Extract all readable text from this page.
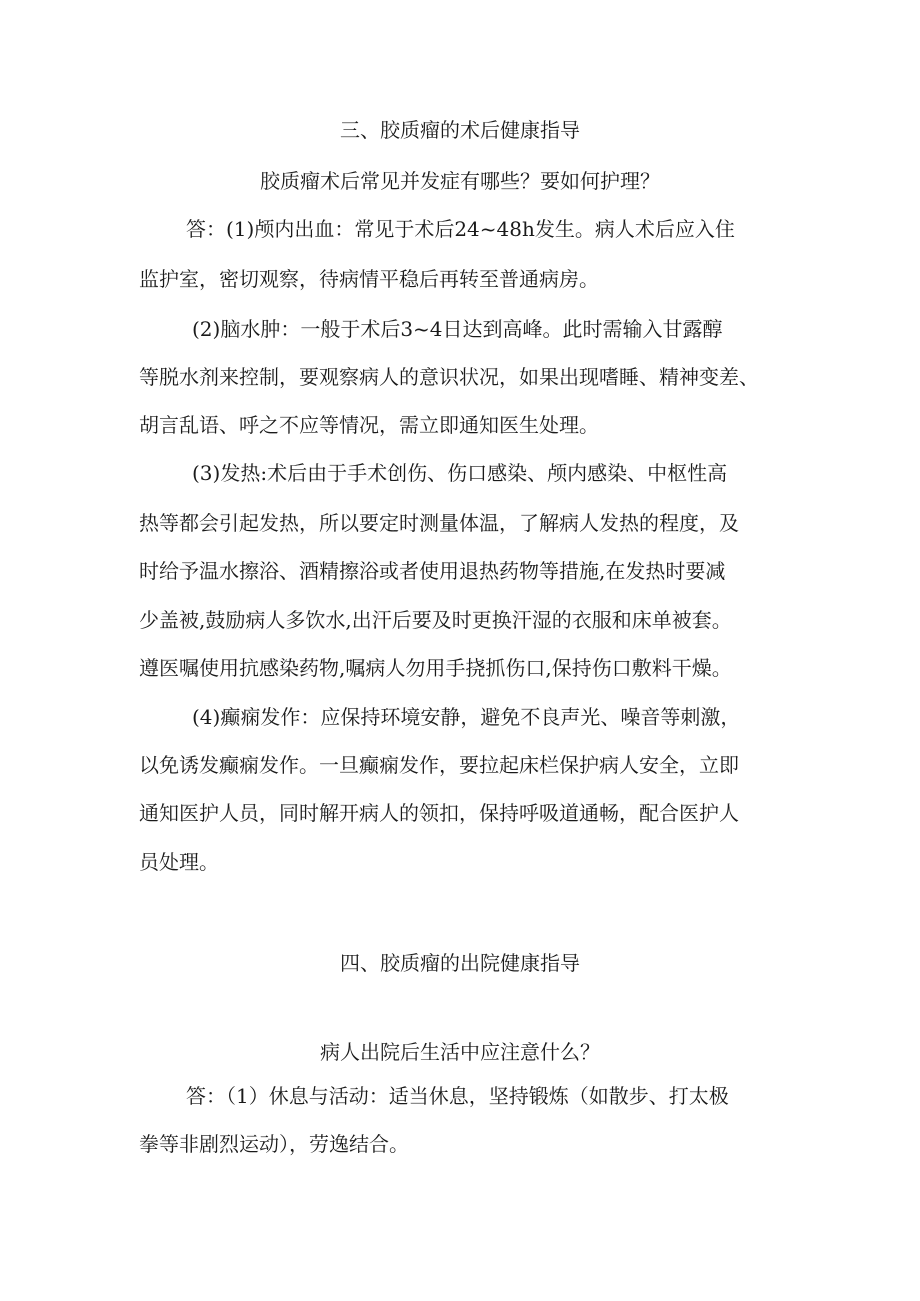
三、胶质瘤的术后健康指导
胶质瘤术后常见并发症有哪些？要如何护理？
答：(1)颅内出血：常见于术后24~48h发生。病人术后应入住
监护室，密切观察，待病情平稳后再转至普通病房。
(2)脑水肿：一般于术后3~4日达到高峰。此时需输入甘露醇
等脱水剂来控制，要观察病人的意识状况，如果出现嗜睡、精神变差、
胡言乱语、呼之不应等情况，需立即通知医生处理。
(3)发热:术后由于手术创伤、伤口感染、颅内感染、中枢性高
热等都会引起发热，所以要定时测量体温，了解病人发热的程度，及
时给予温水擦浴、酒精擦浴或者使用退热药物等措施,在发热时要减
少盖被,鼓励病人多饮水,出汗后要及时更换汗湿的衣服和床单被套。
遵医嘱使用抗感染药物,嘱病人勿用手挠抓伤口,保持伤口敷料干燥。
(4)癫痫发作：应保持环境安静，避免不良声光、噪音等刺激，
以免诱发癫痫发作。一旦癫痫发作，要拉起床栏保护病人安全，立即
通知医护人员，同时解开病人的领扣，保持呼吸道通畅，配合医护人
员处理。
四、胶质瘤的出院健康指导
病人出院后生活中应注意什么？
答：（1）休息与活动：适当休息，坚持锻炼（如散步、打太极
拳等非剧烈运动），劳逸结合。
